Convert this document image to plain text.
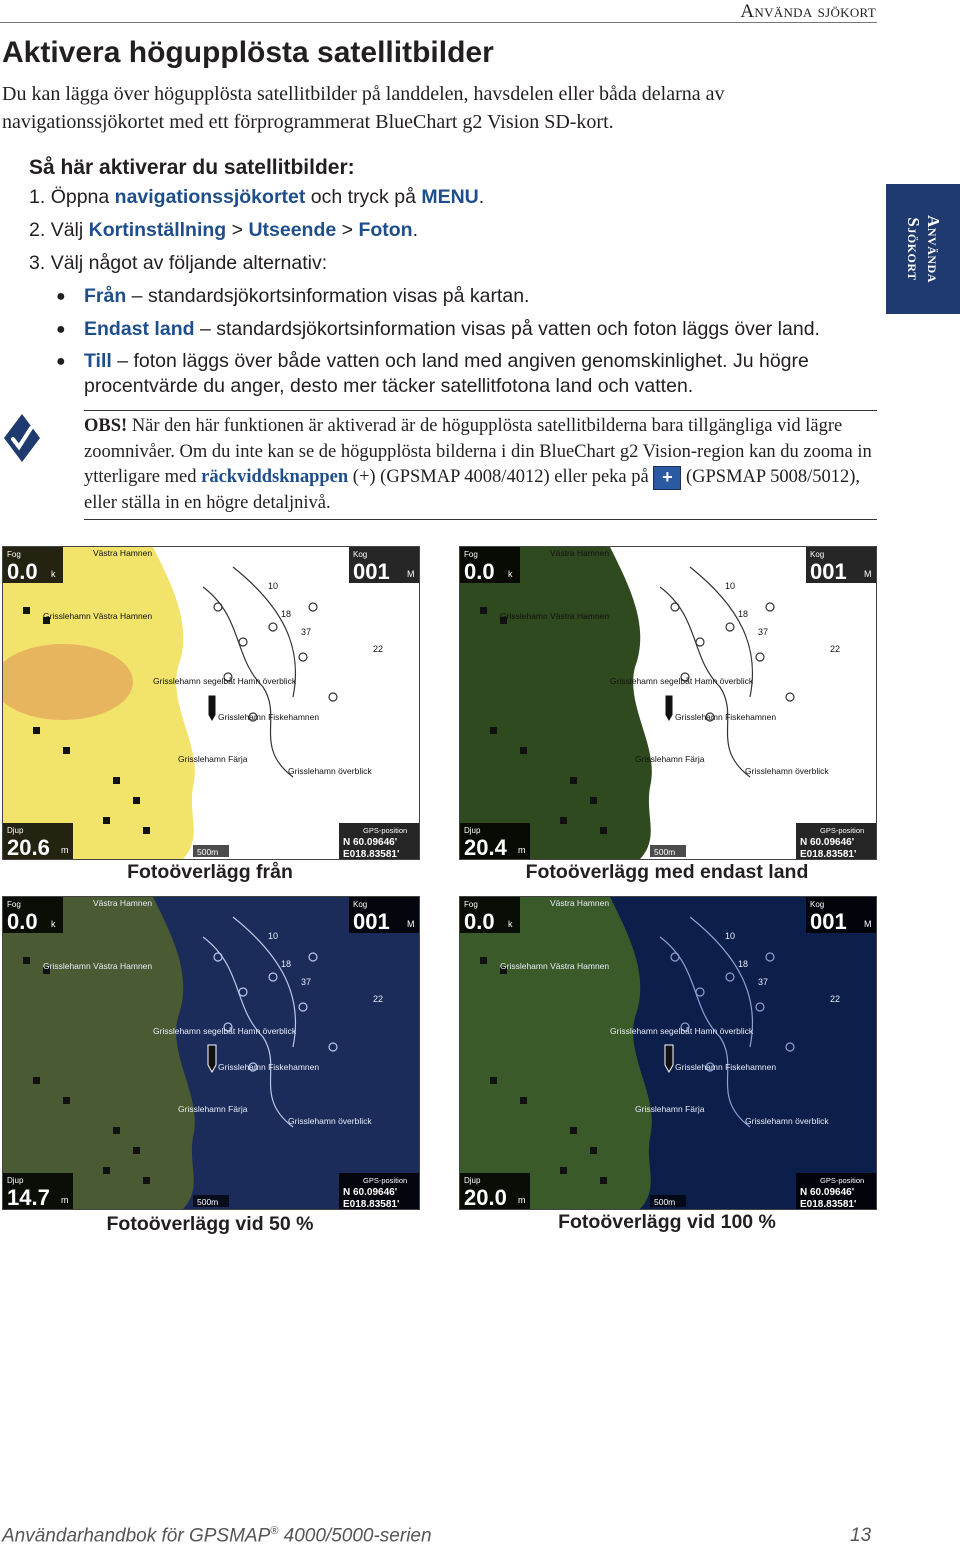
Använda sjökort
Aktivera högupplösta satellitbilder

Du kan lägga över högupplösta satellitbilder på landdelen, havsdelen eller båda delarna av navigationssjökortet med ett förprogrammerat BlueChart g2 Vision SD-kort.

Så här aktiverar du satellitbilder:
1. Öppna navigationssjökortet och tryck på MENU.
2. Välj Kortinställning > Utseende > Foton.
3. Välj något av följande alternativ:
● Från – standardsjökortsinformation visas på kartan.
● Endast land – standardsjökortsinformation visas på vatten och foton läggs över land.
● Till – foton läggs över både vatten och land med angiven genomskinlighet. Ju högre procentvärde du anger, desto mer täcker satellitfotona land och vatten.
Använda
Sjökort
OBS! När den här funktionen är aktiverad är de högupplösta satellitbilderna bara tillgängliga vid lägre zoomnivåer. Om du inte kan se de högupplösta bilderna i din BlueChart g2 Vision-region kan du zooma in ytterligare med räckviddsknappen (+) (GPSMAP 4008/4012) eller peka på + (GPSMAP 5008/5012), eller ställa in en högre detaljnivå.
10
18
37
22
Västra Hamnen
Grisslehamn Västra Hamnen
Grisslehamn segelbåt Hamn överblick
Grisslehamn Fiskehamnen
Grisslehamn Färja
Grisslehamn överblick
Fog
0.0 k
Kog
001 M
Djup
20.6 m
GPS-position
N 60.09646'
E018.83581'
500m
10
18
37
22
Västra Hamnen
Grisslehamn Västra Hamnen
Grisslehamn segelbåt Hamn överblick
Grisslehamn Fiskehamnen
Grisslehamn Färja
Grisslehamn överblick
Fog
0.0 k
Kog
001 M
Djup
20.4 m
GPS-position
N 60.09646'
E018.83581'
500m
10
18
37
22
Västra Hamnen
Grisslehamn Västra Hamnen
Grisslehamn segelbåt Hamn överblick
Grisslehamn Fiskehamnen
Grisslehamn Färja
Grisslehamn överblick
Fog
0.0 k
Kog
001 M
Djup
14.7 m
GPS-position
N 60.09646'
E018.83581'
500m
10
18
37
22
Västra Hamnen
Grisslehamn Västra Hamnen
Grisslehamn segelbåt Hamn överblick
Grisslehamn Fiskehamnen
Grisslehamn Färja
Grisslehamn överblick
Fog
0.0 k
Kog
001 M
Djup
20.0 m
GPS-position
N 60.09646'
E018.83581'
500m
Fotoöverlägg från	Fotoöverlägg med endast land
Fotoöverlägg vid 50 %	Fotoöverlägg vid 100 %
Användarhandbok för GPSMAP® 4000/5000-serien	13
